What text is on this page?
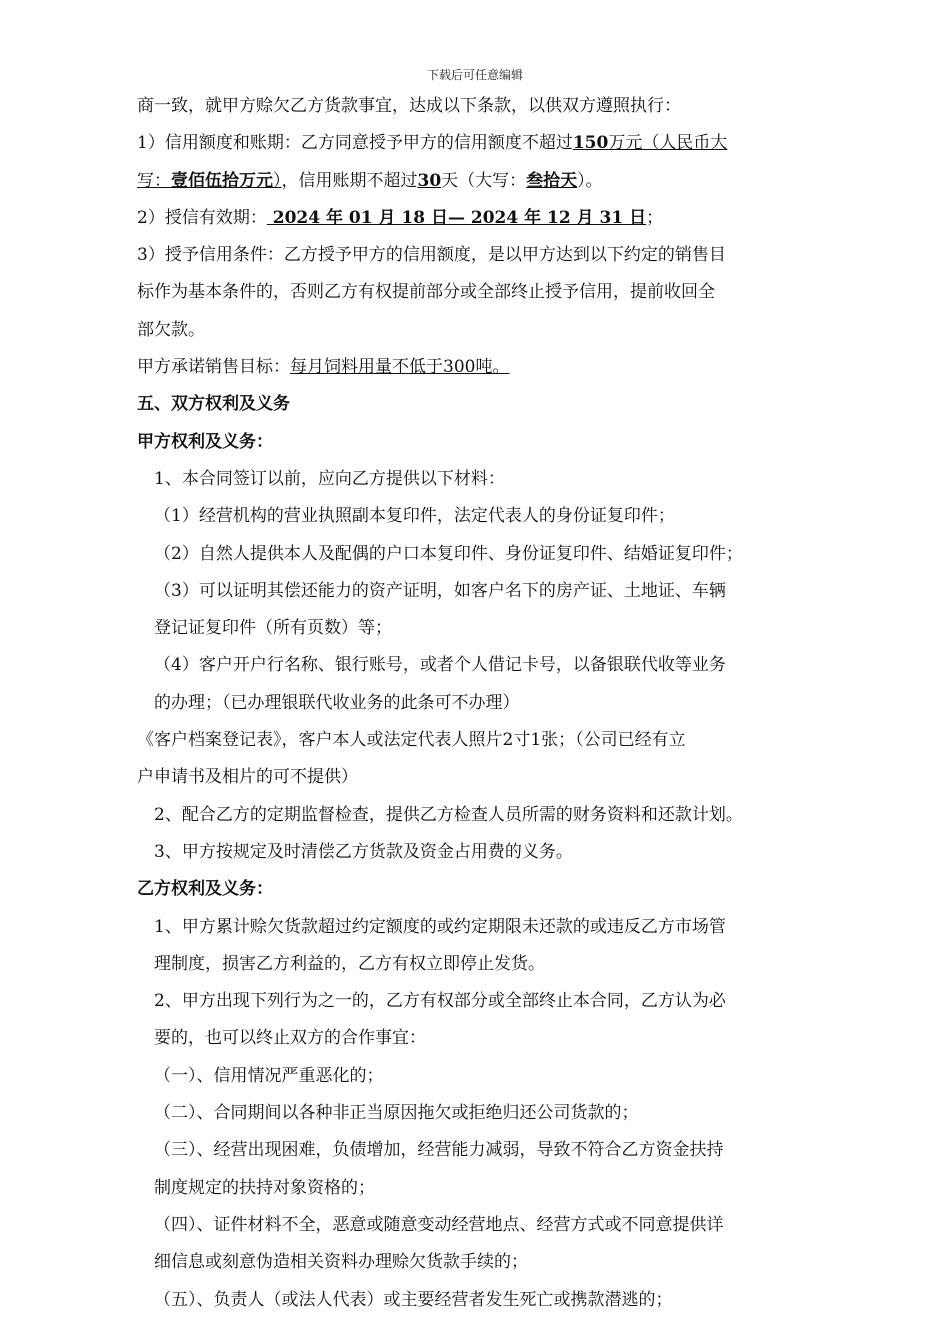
下载后可任意编辑
商一致，就甲方赊欠乙方货款事宜，达成以下条款，以供双方遵照执行：
1）信用额度和账期：乙方同意授予甲方的信用额度不超过150万元（人民币大
写：壹佰伍拾万元），信用账期不超过30天（大写：叁拾天）。
2）授信有效期： 2024 年 01 月 18 日— 2024 年 12 月 31 日；
3）授予信用条件：乙方授予甲方的信用额度，是以甲方达到以下约定的销售目
标作为基本条件的，否则乙方有权提前部分或全部终止授予信用，提前收回全
部欠款。
甲方承诺销售目标：每月饲料用量不低于300吨。
五、双方权利及义务
甲方权利及义务：
1、本合同签订以前，应向乙方提供以下材料：
（1）经营机构的营业执照副本复印件，法定代表人的身份证复印件；
（2）自然人提供本人及配偶的户口本复印件、身份证复印件、结婚证复印件；
（3）可以证明其偿还能力的资产证明，如客户名下的房产证、土地证、车辆
登记证复印件（所有页数）等；
（4）客户开户行名称、银行账号，或者个人借记卡号，以备银联代收等业务
的办理；（已办理银联代收业务的此条可不办理）
《客户档案登记表》，客户本人或法定代表人照片2寸1张；（公司已经有立
户申请书及相片的可不提供）
2、配合乙方的定期监督检查，提供乙方检查人员所需的财务资料和还款计划。
3、甲方按规定及时清偿乙方货款及资金占用费的义务。
乙方权利及义务：
1、甲方累计赊欠货款超过约定额度的或约定期限未还款的或违反乙方市场管
理制度，损害乙方利益的，乙方有权立即停止发货。
2、甲方出现下列行为之一的，乙方有权部分或全部终止本合同，乙方认为必
要的，也可以终止双方的合作事宜：
（一）、信用情况严重恶化的；
（二）、合同期间以各种非正当原因拖欠或拒绝归还公司货款的；
（三）、经营出现困难，负债增加，经营能力减弱，导致不符合乙方资金扶持
制度规定的扶持对象资格的；
（四）、证件材料不全，恶意或随意变动经营地点、经营方式或不同意提供详
细信息或刻意伪造相关资料办理赊欠货款手续的；
（五）、负责人（或法人代表）或主要经营者发生死亡或携款潜逃的；
